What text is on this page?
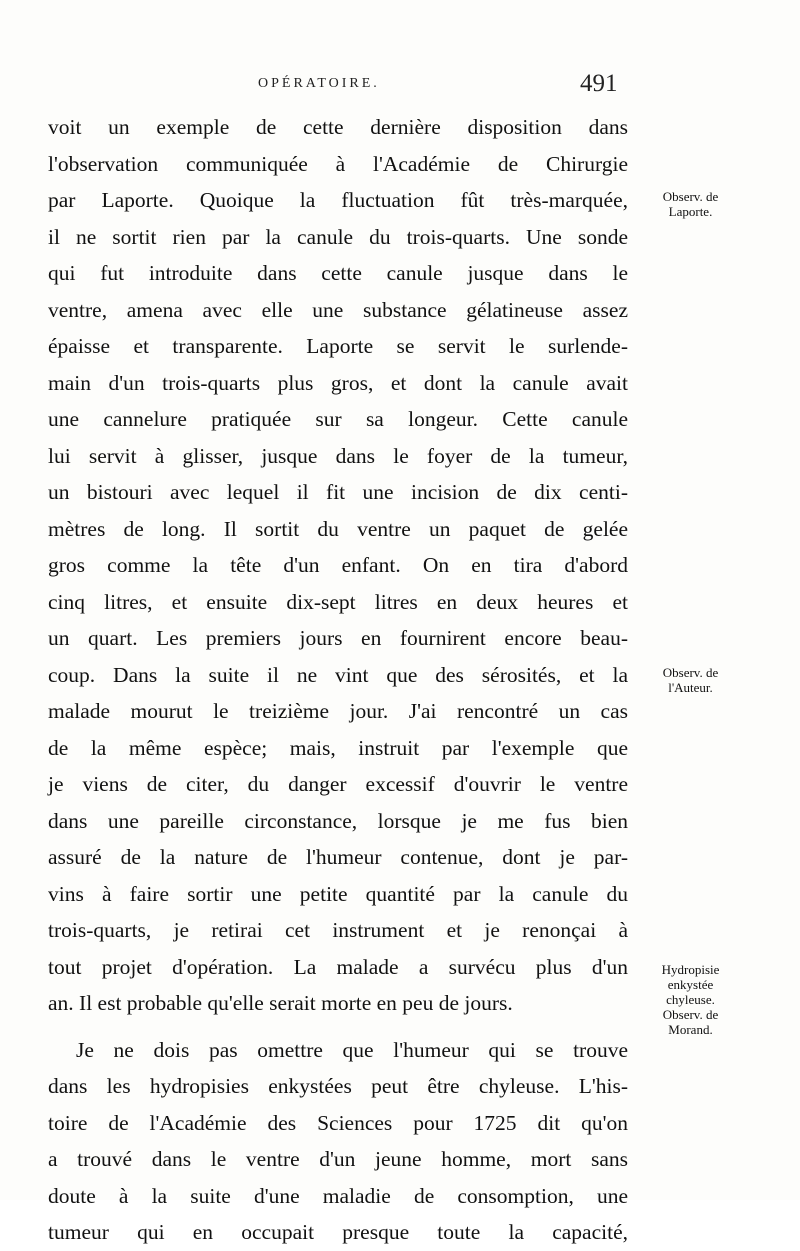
OPÉRATOIRE.	491
voit un exemple de cette dernière disposition dans
l'observation communiquée à l'Académie de Chirurgie
par Laporte. Quoique la fluctuation fût très-marquée,
il ne sortit rien par la canule du trois-quarts. Une sonde
qui fut introduite dans cette canule jusque dans le
ventre, amena avec elle une substance gélatineuse assez
épaisse et transparente. Laporte se servit le surlende-
main d'un trois-quarts plus gros, et dont la canule avait
une cannelure pratiquée sur sa longeur. Cette canule
lui servit à glisser, jusque dans le foyer de la tumeur,
un bistouri avec lequel il fit une incision de dix centi-
mètres de long. Il sortit du ventre un paquet de gelée
gros comme la tête d'un enfant. On en tira d'abord
cinq litres, et ensuite dix-sept litres en deux heures et
un quart. Les premiers jours en fournirent encore beau-
coup. Dans la suite il ne vint que des sérosités, et la
malade mourut le treizième jour. J'ai rencontré un cas
de la même espèce; mais, instruit par l'exemple que
je viens de citer, du danger excessif d'ouvrir le ventre
dans une pareille circonstance, lorsque je me fus bien
assuré de la nature de l'humeur contenue, dont je par-
vins à faire sortir une petite quantité par la canule du
trois-quarts, je retirai cet instrument et je renonçai à
tout projet d'opération. La malade a survécu plus d'un
an. Il est probable qu'elle serait morte en peu de jours.
Je ne dois pas omettre que l'humeur qui se trouve
dans les hydropisies enkystées peut être chyleuse. L'his-
toire de l'Académie des Sciences pour 1725 dit qu'on
a trouvé dans le ventre d'un jeune homme, mort sans
doute à la suite d'une maladie de consomption, une
tumeur qui en occupait presque toute la capacité,
Observ. de
Laporte.
Observ. de
l'Auteur.
Hydropisie
enkystée
chyleuse.
Observ. de
Morand.
